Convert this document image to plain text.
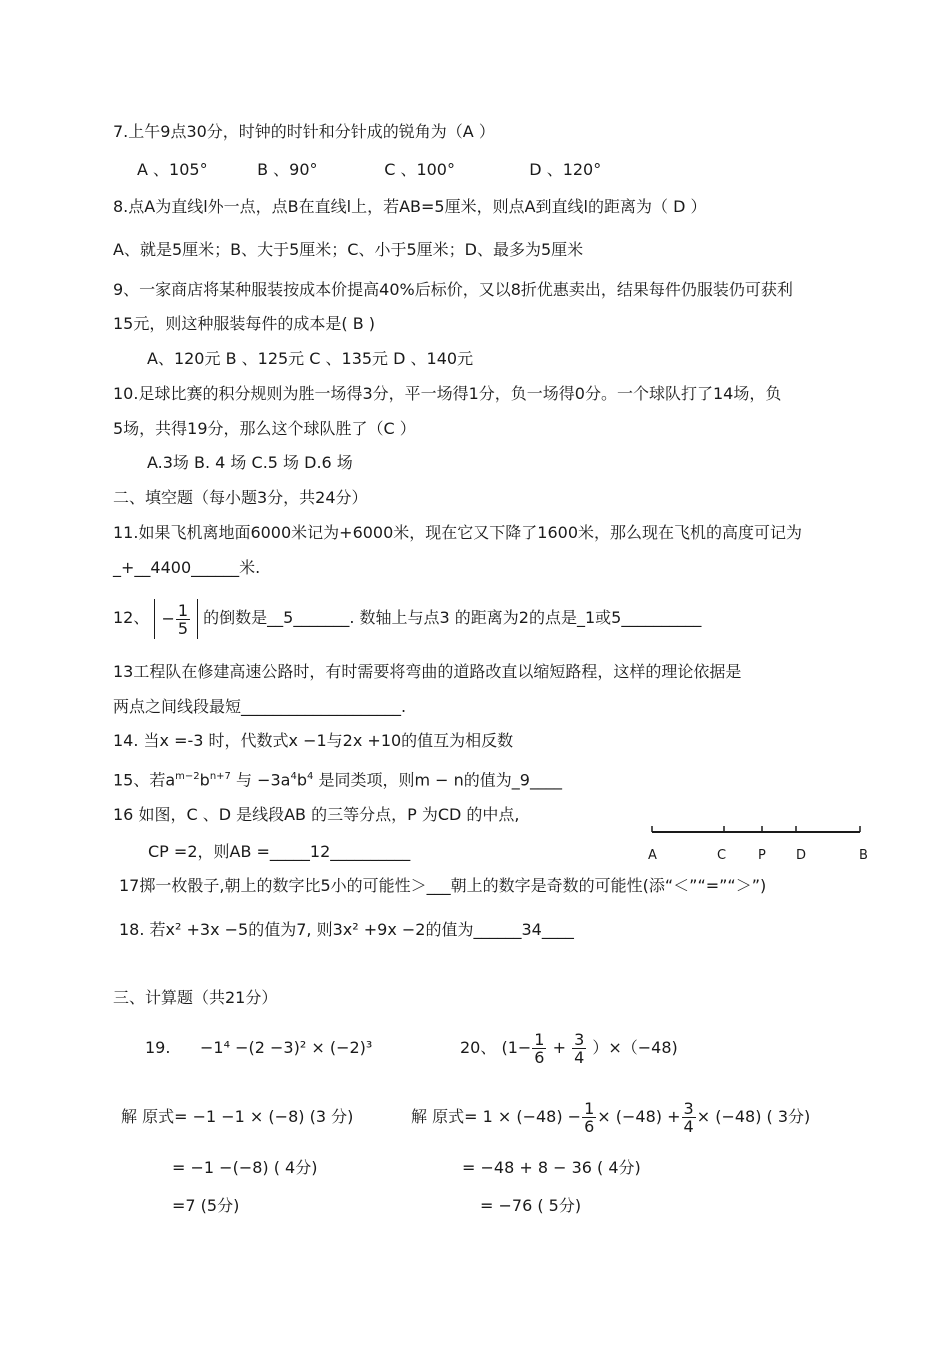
7.上午9点30分，时钟的时针和分针成的锐角为（A ）
A 、105°	B 、90°	C 、100°	D 、120°
8.点A为直线l外一点，点B在直线l上，若AB=5厘米，则点A到直线l的距离为（ D ）
A、就是5厘米；B、大于5厘米；C、小于5厘米；D、最多为5厘米
9、一家商店将某种服装按成本价提高40%后标价，又以8折优惠卖出，结果每件仍服装仍可获利
15元，则这种服装每件的成本是( B )
A、120元 B 、125元 C 、135元 D 、140元
10.足球比赛的积分规则为胜一场得3分，平一场得1分，负一场得0分。一个球队打了14场，负
5场，共得19分，那么这个球队胜了（C ）
A.3场 B. 4 场 C.5 场 D.6 场
二、填空题（每小题3分，共24分）
11.如果飞机离地面6000米记为+6000米，现在它又下降了1600米，那么现在飞机的高度可记为
_+__4400______米.
12、 − $\frac{1}{5}$ 的倒数是__5_______. 数轴上与点3 的距离为2的点是_1或5__________
13工程队在修建高速公路时，有时需要将弯曲的道路改直以缩短路程，这样的理论依据是
两点之间线段最短____________________.
14. 当x =-3 时，代数式x −1与2x +10的值互为相反数
15、若$a^{m-2}b^{n+7}$ 与 $-3a^4b^4$ 是同类项，则m − n的值为_9____
16 如图，C 、D 是线段AB 的三等分点，P 为CD 的中点,
CP =2，则AB =_____12__________	A	C P D	B
17掷一枚骰子,朝上的数字比5小的可能性＞___朝上的数字是奇数的可能性(添“＜”“=”“＞”)
18. 若x² +3x −5的值为7, 则3x² +9x −2的值为______34____
三、计算题（共21分）
19. −1⁴ −(2 −3)² × (−2)³
解 原式= −1 −1 × (−8) (3 分)
= −1 −(−8) ( 4分)
=7 (5分)
20、 $(1- \frac{1}{6} + \frac{3}{4} )\times(-48)$
解 原式= $1 \times (-48) - \frac{1}{6} \times (-48) + \frac{3}{4} \times (-48)$ ( 3分)
= −48 + 8 − 36 ( 4分)
= −76 ( 5分)
